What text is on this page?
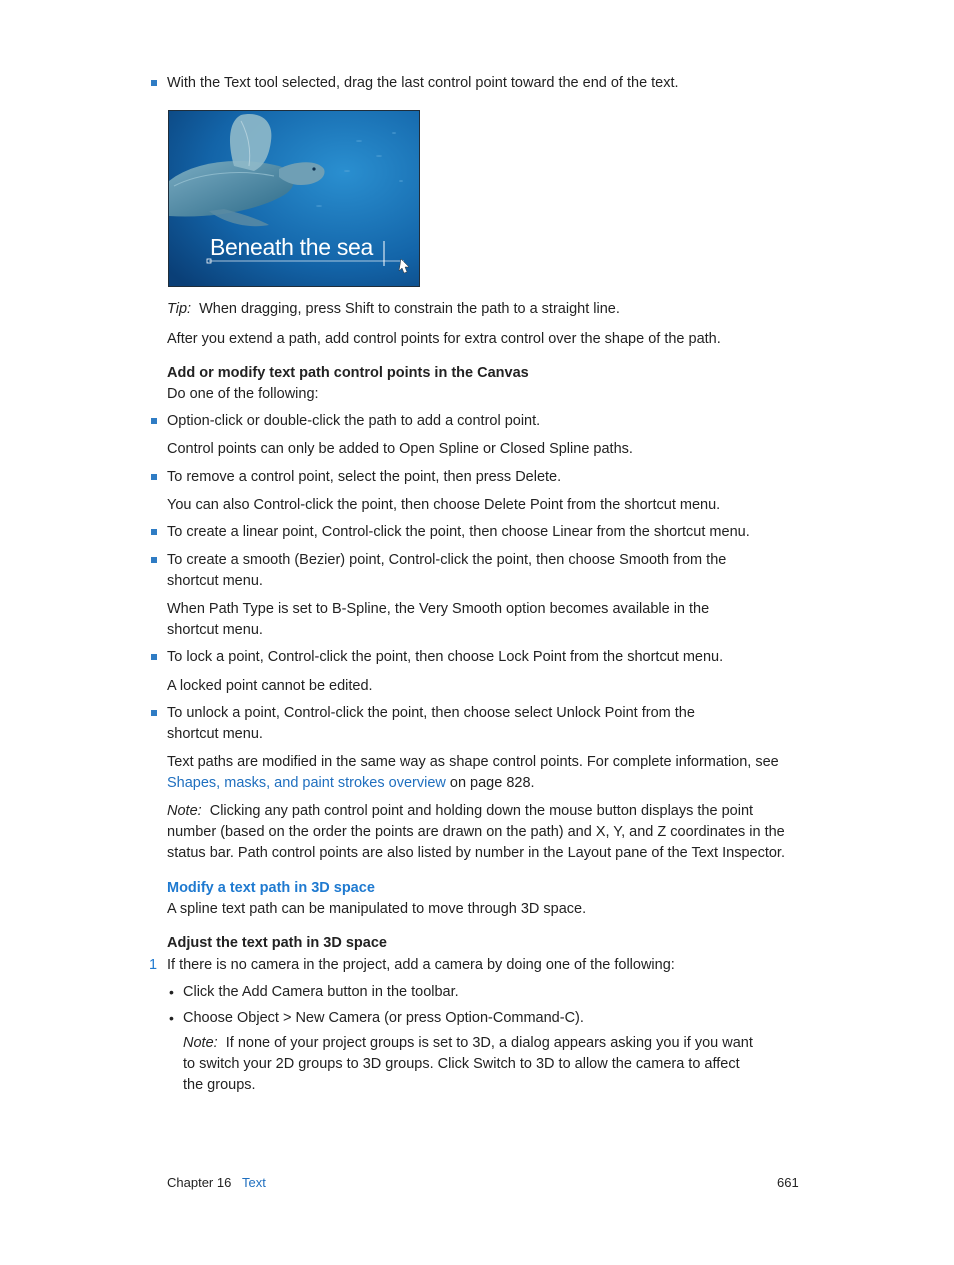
With the Text tool selected, drag the last control point toward the end of the text.
Beneath the sea
Tip: When dragging, press Shift to constrain the path to a straight line.
After you extend a path, add control points for extra control over the shape of the path.
Add or modify text path control points in the Canvas
Do one of the following:
Option-click or double-click the path to add a control point.
Control points can only be added to Open Spline or Closed Spline paths.
To remove a control point, select the point, then press Delete.
You can also Control-click the point, then choose Delete Point from the shortcut menu.
To create a linear point, Control-click the point, then choose Linear from the shortcut menu.
To create a smooth (Bezier) point, Control-click the point, then choose Smooth from the
shortcut menu.
When Path Type is set to B-Spline, the Very Smooth option becomes available in the
shortcut menu.
To lock a point, Control-click the point, then choose Lock Point from the shortcut menu.
A locked point cannot be edited.
To unlock a point, Control-click the point, then choose select Unlock Point from the
shortcut menu.
Text paths are modified in the same way as shape control points. For complete information, see
Shapes, masks, and paint strokes overview on page 828.
Note: Clicking any path control point and holding down the mouse button displays the point
number (based on the order the points are drawn on the path) and X, Y, and Z coordinates in the
status bar. Path control points are also listed by number in the Layout pane of the Text Inspector.
Modify a text path in 3D space
A spline text path can be manipulated to move through 3D space.
Adjust the text path in 3D space
1 If there is no camera in the project, add a camera by doing one of the following:
• Click the Add Camera button in the toolbar.
• Choose Object > New Camera (or press Option-Command-C).
Note: If none of your project groups is set to 3D, a dialog appears asking you if you want
to switch your 2D groups to 3D groups. Click Switch to 3D to allow the camera to affect
the groups.
Chapter 16 Text	661
